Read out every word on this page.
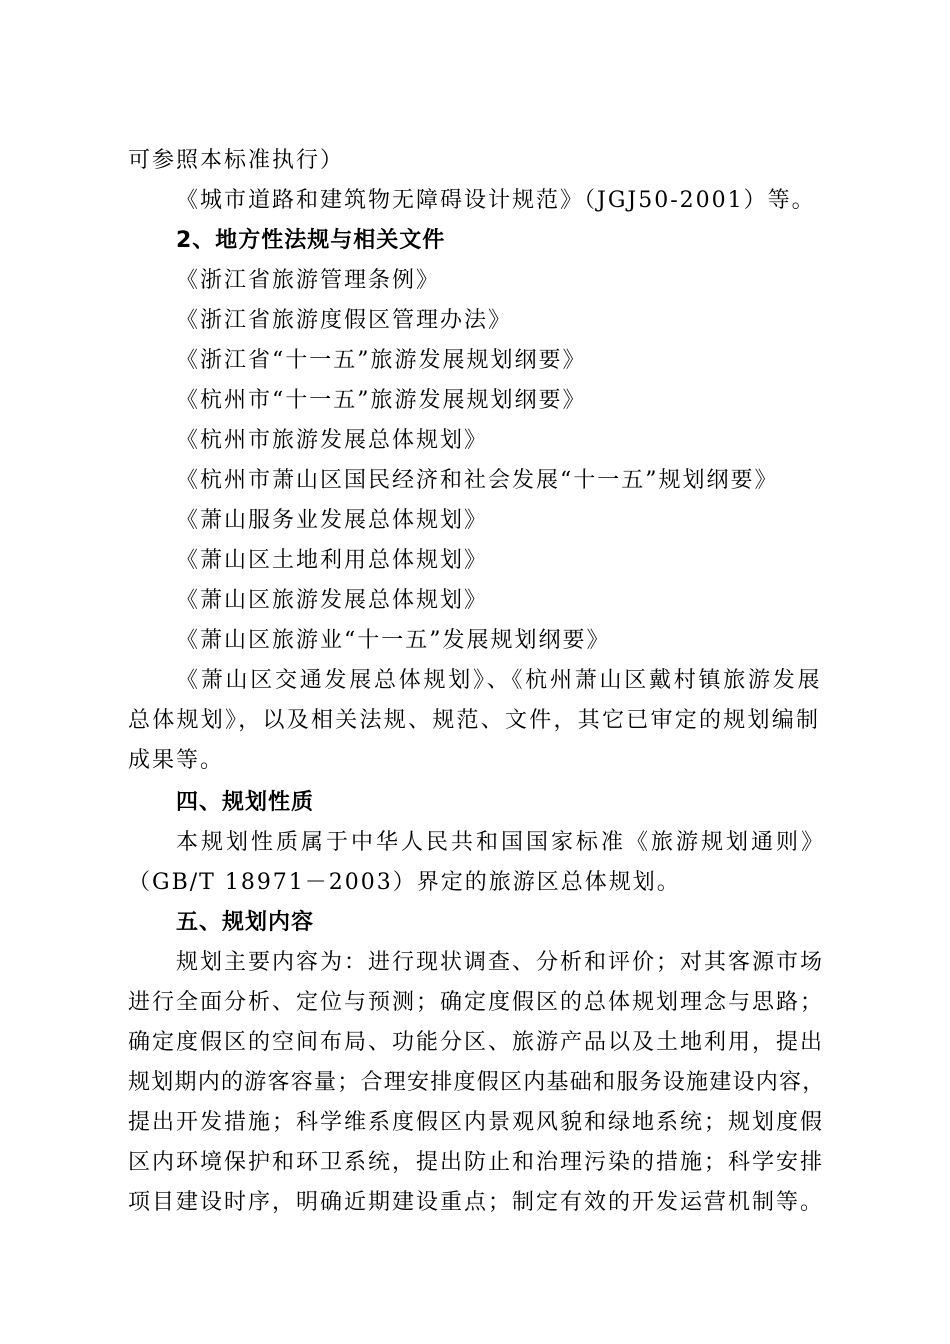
可参照本标准执行）
《城市道路和建筑物无障碍设计规范》（JGJ50-2001）等。
2、地方性法规与相关文件
《浙江省旅游管理条例》
《浙江省旅游度假区管理办法》
《浙江省“十一五”旅游发展规划纲要》
《杭州市“十一五”旅游发展规划纲要》
《杭州市旅游发展总体规划》
《杭州市萧山区国民经济和社会发展“十一五”规划纲要》
《萧山服务业发展总体规划》
《萧山区土地利用总体规划》
《萧山区旅游发展总体规划》
《萧山区旅游业“十一五”发展规划纲要》
《萧山区交通发展总体规划》、《杭州萧山区戴村镇旅游发展
总体规划》，以及相关法规、规范、文件，其它已审定的规划编制
成果等。
四、规划性质
本规划性质属于中华人民共和国国家标准《旅游规划通则》
（GB/T 18971－2003）界定的旅游区总体规划。
五、规划内容
规划主要内容为：进行现状调查、分析和评价；对其客源市场
进行全面分析、定位与预测；确定度假区的总体规划理念与思路；
确定度假区的空间布局、功能分区、旅游产品以及土地利用，提出
规划期内的游客容量；合理安排度假区内基础和服务设施建设内容，
提出开发措施；科学维系度假区内景观风貌和绿地系统；规划度假
区内环境保护和环卫系统，提出防止和治理污染的措施；科学安排
项目建设时序，明确近期建设重点；制定有效的开发运营机制等。
